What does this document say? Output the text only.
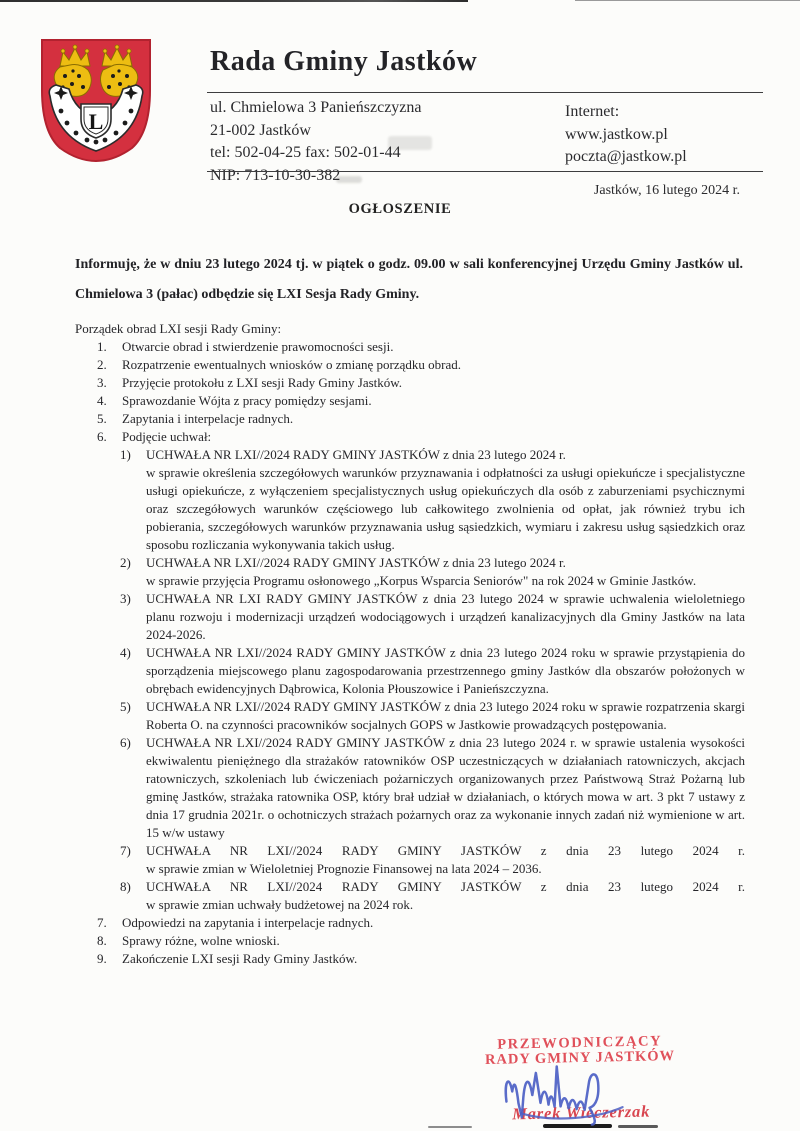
L
Rada Gminy Jastków
ul. Chmielowa 3 Panieńszczyzna
21-002 Jastków
tel: 502-04-25 fax: 502-01-44
NIP: 713-10-30-382
Internet:
www.jastkow.pl
poczta@jastkow.pl
Jastków, 16 lutego 2024 r.
OGŁOSZENIE

Informuję, że w dniu 23 lutego 2024 tj. w piątek o godz. 09.00 w sali konferencyjnej Urzędu Gminy Jastków ul. Chmielowa 3 (pałac) odbędzie się LXI Sesja Rady Gminy.

Porządek obrad LXI sesji Rady Gminy:
1.	Otwarcie obrad i stwierdzenie prawomocności sesji.
2.	Rozpatrzenie ewentualnych wniosków o zmianę porządku obrad.
3.	Przyjęcie protokołu z LXI sesji Rady Gminy Jastków.
4.	Sprawozdanie Wójta z pracy pomiędzy sesjami.
5.	Zapytania i interpelacje radnych.
6.	Podjęcie uchwał:
1)	UCHWAŁA NR LXI//2024 RADY GMINY JASTKÓW z dnia 23 lutego 2024 r.
w sprawie określenia szczegółowych warunków przyznawania i odpłatności za usługi opiekuńcze i specjalistyczne usługi opiekuńcze, z wyłączeniem specjalistycznych usług opiekuńczych dla osób z zaburzeniami psychicznymi oraz szczegółowych warunków częściowego lub całkowitego zwolnienia od opłat, jak również trybu ich pobierania, szczegółowych warunków przyznawania usług sąsiedzkich, wymiaru i zakresu usług sąsiedzkich oraz sposobu rozliczania wykonywania takich usług.
2)	UCHWAŁA NR LXI//2024 RADY GMINY JASTKÓW z dnia 23 lutego 2024 r.
w sprawie przyjęcia Programu osłonowego „Korpus Wsparcia Seniorów" na rok 2024 w Gminie Jastków.
3)	UCHWAŁA NR LXI RADY GMINY JASTKÓW z dnia 23 lutego 2024 w sprawie uchwalenia wieloletniego planu rozwoju i modernizacji urządzeń wodociągowych i urządzeń kanalizacyjnych dla Gminy Jastków na lata 2024-2026.
4)	UCHWAŁA NR LXI//2024 RADY GMINY JASTKÓW z dnia 23 lutego 2024 roku w sprawie przystąpienia do sporządzenia miejscowego planu zagospodarowania przestrzennego gminy Jastków dla obszarów położonych w obrębach ewidencyjnych Dąbrowica, Kolonia Płouszowice i Panieńszczyzna.
5)	UCHWAŁA NR LXI//2024 RADY GMINY JASTKÓW z dnia 23 lutego 2024 roku w sprawie rozpatrzenia skargi Roberta O. na czynności pracowników socjalnych GOPS w Jastkowie prowadzących postępowania.
6)	UCHWAŁA NR LXI//2024 RADY GMINY JASTKÓW z dnia 23 lutego 2024 r. w sprawie ustalenia wysokości ekwiwalentu pieniężnego dla strażaków ratowników OSP uczestniczących w działaniach ratowniczych, akcjach ratowniczych, szkoleniach lub ćwiczeniach pożarniczych organizowanych przez Państwową Straż Pożarną lub gminę Jastków, strażaka ratownika OSP, który brał udział w działaniach, o których mowa w art. 3 pkt 7 ustawy z dnia 17 grudnia 2021r. o ochotniczych strażach pożarnych oraz za wykonanie innych zadań niż wymienione w art. 15 w/w ustawy
7)	UCHWAŁA NR LXI//2024 RADY GMINY JASTKÓW z dnia 23 lutego 2024 r.
w sprawie zmian w Wieloletniej Prognozie Finansowej na lata 2024 – 2036.
8)	UCHWAŁA NR LXI//2024 RADY GMINY JASTKÓW z dnia 23 lutego 2024 r.
w sprawie zmian uchwały budżetowej na 2024 rok.
7.	Odpowiedzi na zapytania i interpelacje radnych.
8.	Sprawy różne, wolne wnioski.
9.	Zakończenie LXI sesji Rady Gminy Jastków.
PRZEWODNICZĄCY
RADY GMINY JASTKÓW
Marek Wieczerzak
